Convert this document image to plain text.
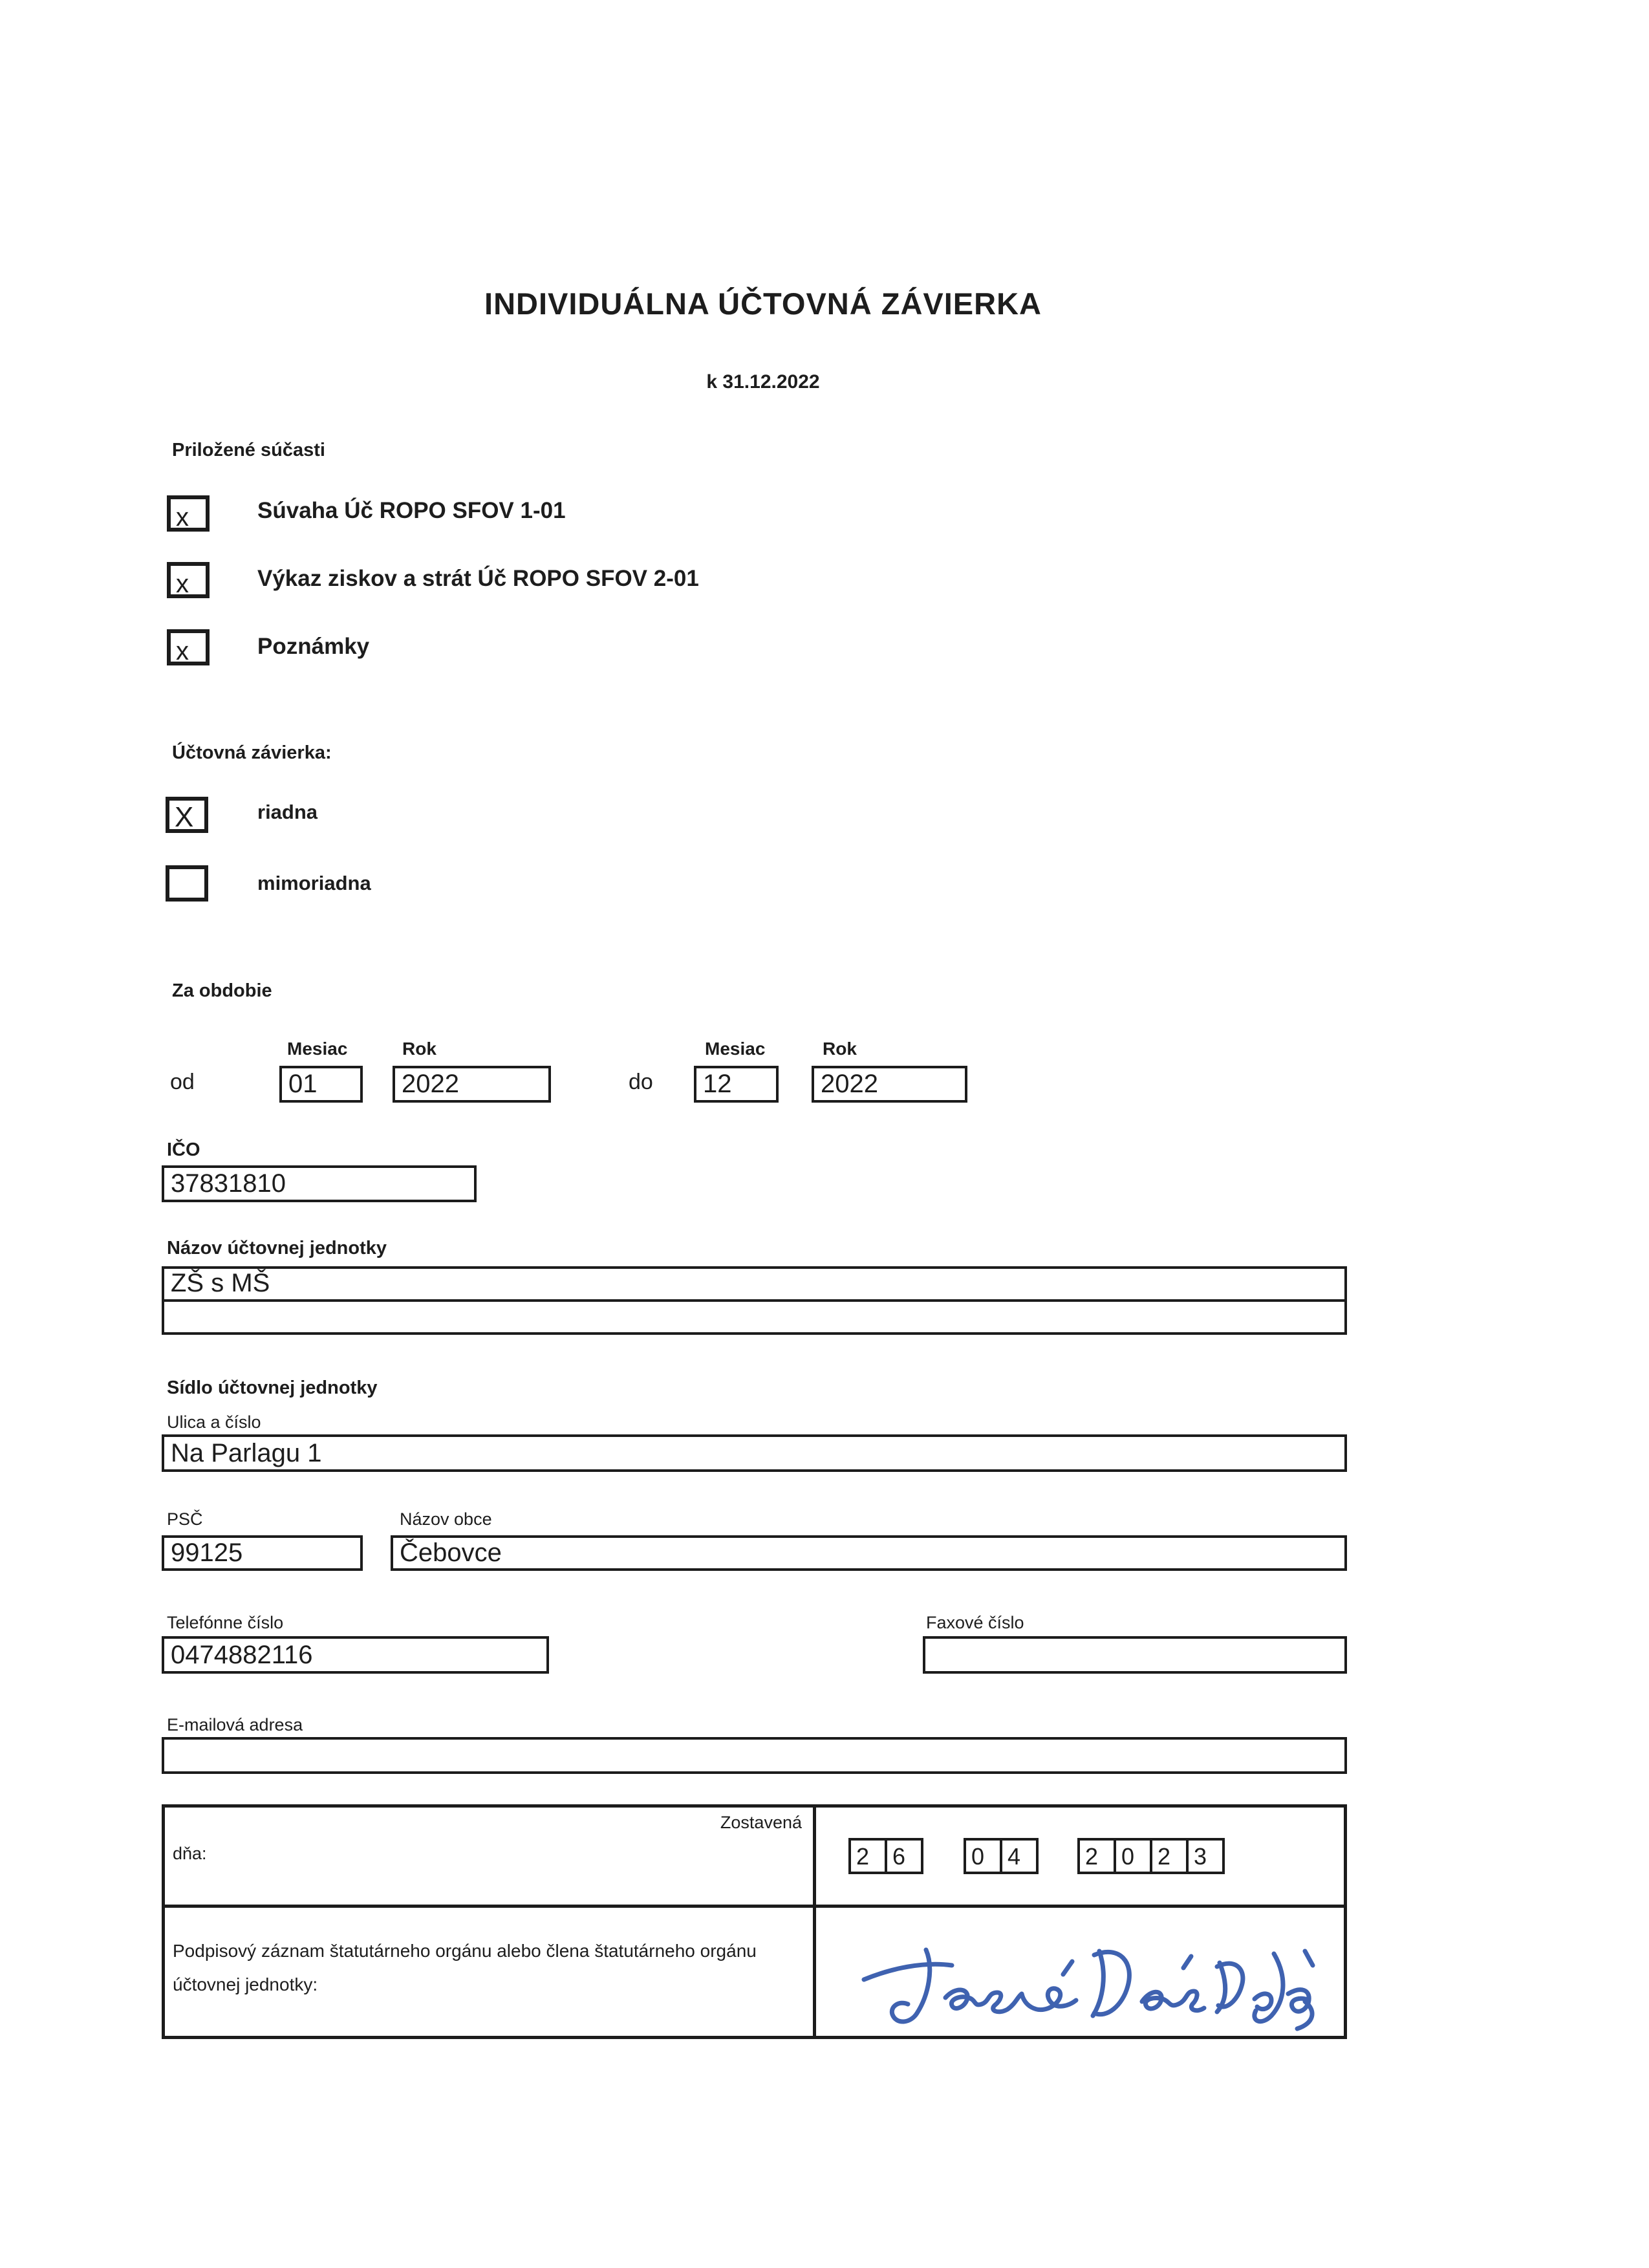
INDIVIDUÁLNA ÚČTOVNÁ ZÁVIERKA
k 31.12.2022
Priložené súčasti
x	Súvaha Úč ROPO SFOV 1-01
x	Výkaz ziskov a strát Úč ROPO SFOV 2-01
x	Poznámky
Účtovná závierka:
X	riadna
mimoriadna
Za obdobie
Mesiac	Rok	Mesiac	Rok
od	01	2022	do 12	2022
IČO
37831810
Názov účtovnej jednotky
ZŠ s MŠ
Sídlo účtovnej jednotky
Ulica a číslo
Na Parlagu 1
PSČ
99125
Názov obce
Čebovce
Telefónne číslo
0474882116
Faxové číslo
E-mailová adresa
Zostavená
dňa:	2 6	0 4	2 0 2 3
Podpisový záznam štatutárneho orgánu alebo člena štatutárneho orgánu účtovnej jednotky:
